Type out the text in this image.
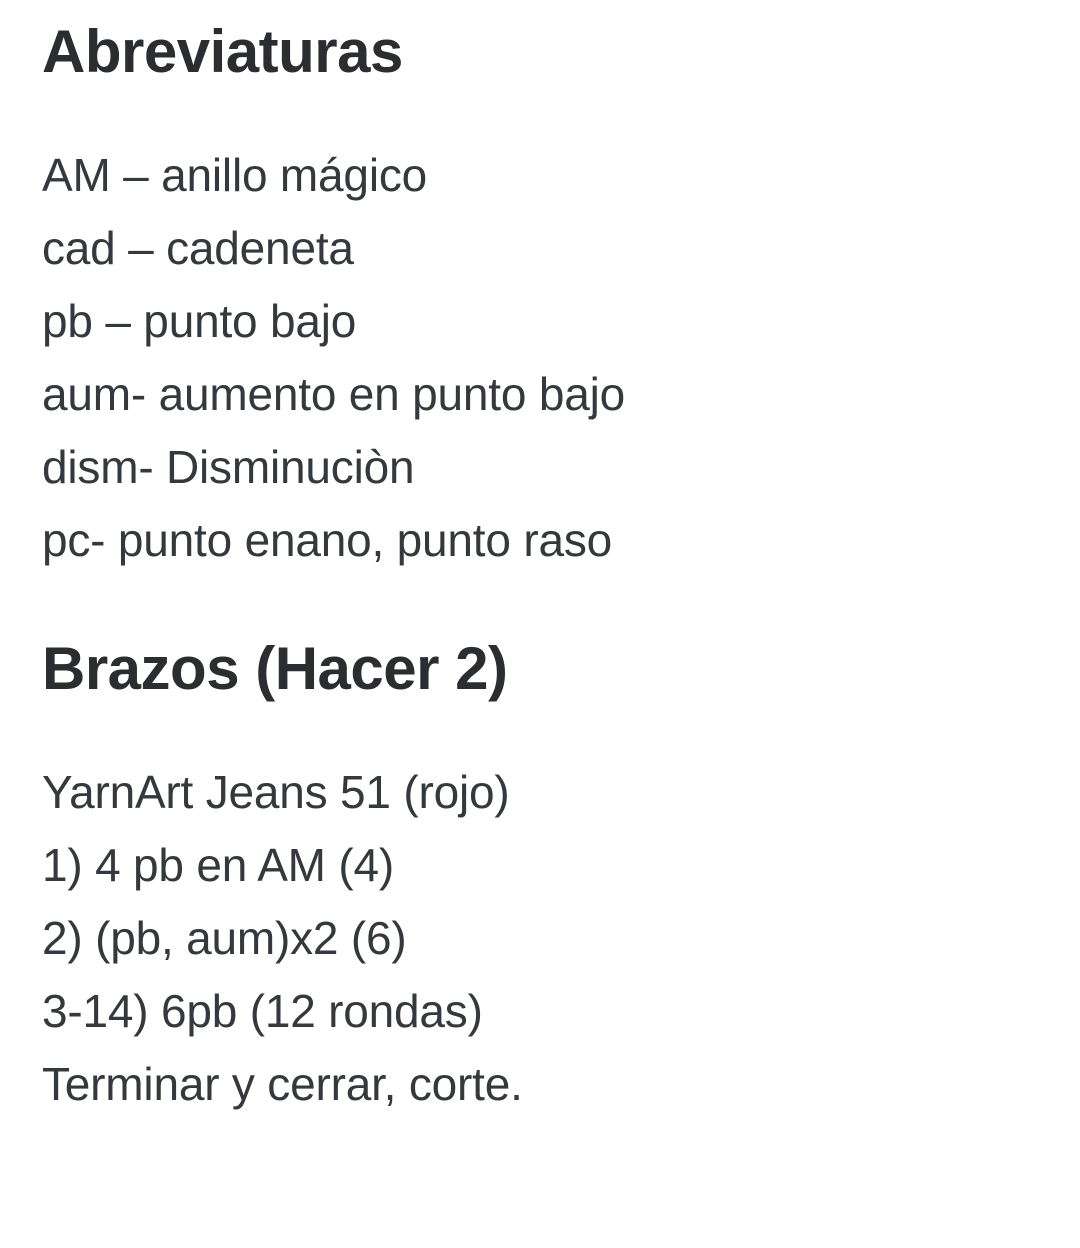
Abreviaturas

AM – anillo mágico

cad – cadeneta

pb – punto bajo

aum- aumento en punto bajo

dism- Disminuciòn

pc- punto enano, punto raso

Brazos (Hacer 2)

YarnArt Jeans 51 (rojo)

1) 4 pb en AM (4)

2) (pb, aum)x2 (6)

3-14) 6pb (12 rondas)

Terminar y cerrar, corte.
